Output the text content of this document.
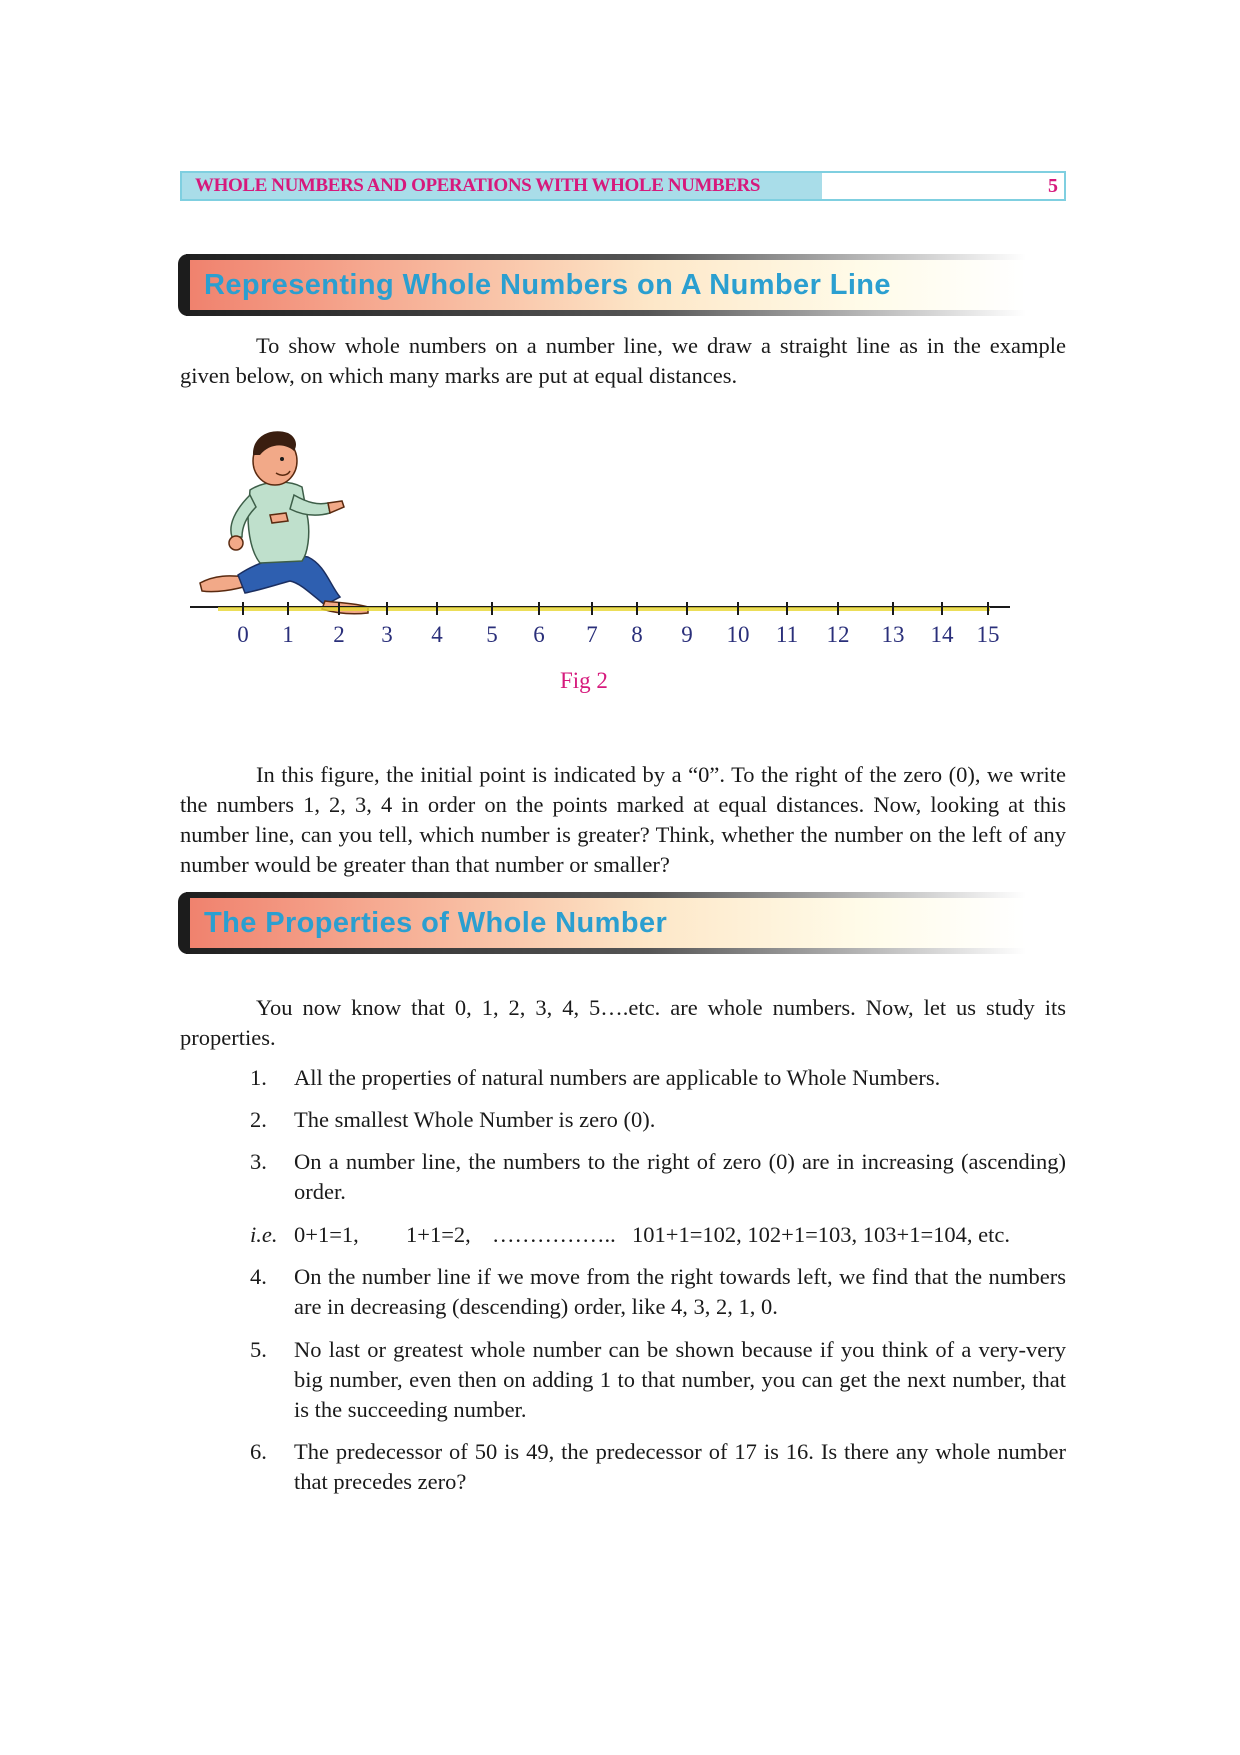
WHOLE NUMBERS AND OPERATIONS WITH WHOLE NUMBERS	5
Representing Whole Numbers on A Number Line

To show whole numbers on a number line, we draw a straight line as in the example given below, on which many marks are put at equal distances.

0 1 2 3 4 5 6 7 8 9 10 11 12 13 14 15
Fig 2

In this figure, the initial point is indicated by a “0”. To the right of the zero (0), we write the numbers 1, 2, 3, 4 in order on the points marked at equal distances. Now, looking at this number line, can you tell, which number is greater? Think, whether the number on the left of any number would be greater than that number or smaller?

The Properties of Whole Number

You now know that 0, 1, 2, 3, 4, 5….etc. are whole numbers. Now, let us study its properties.

1.	All the properties of natural numbers are applicable to Whole Numbers.
2.	The smallest Whole Number is zero (0).
3.	On a number line, the numbers to the right of zero (0) are in increasing (ascending) order.
i.e. 0+1=1, 1+1=2, …………….. 101+1=102, 102+1=103, 103+1=104, etc.
4.	On the number line if we move from the right towards left, we find that the numbers are in decreasing (descending) order, like 4, 3, 2, 1, 0.
5.	No last or greatest whole number can be shown because if you think of a very-very big number, even then on adding 1 to that number, you can get the next number, that is the succeeding number.
6.	The predecessor of 50 is 49, the predecessor of 17 is 16. Is there any whole number that precedes zero?
